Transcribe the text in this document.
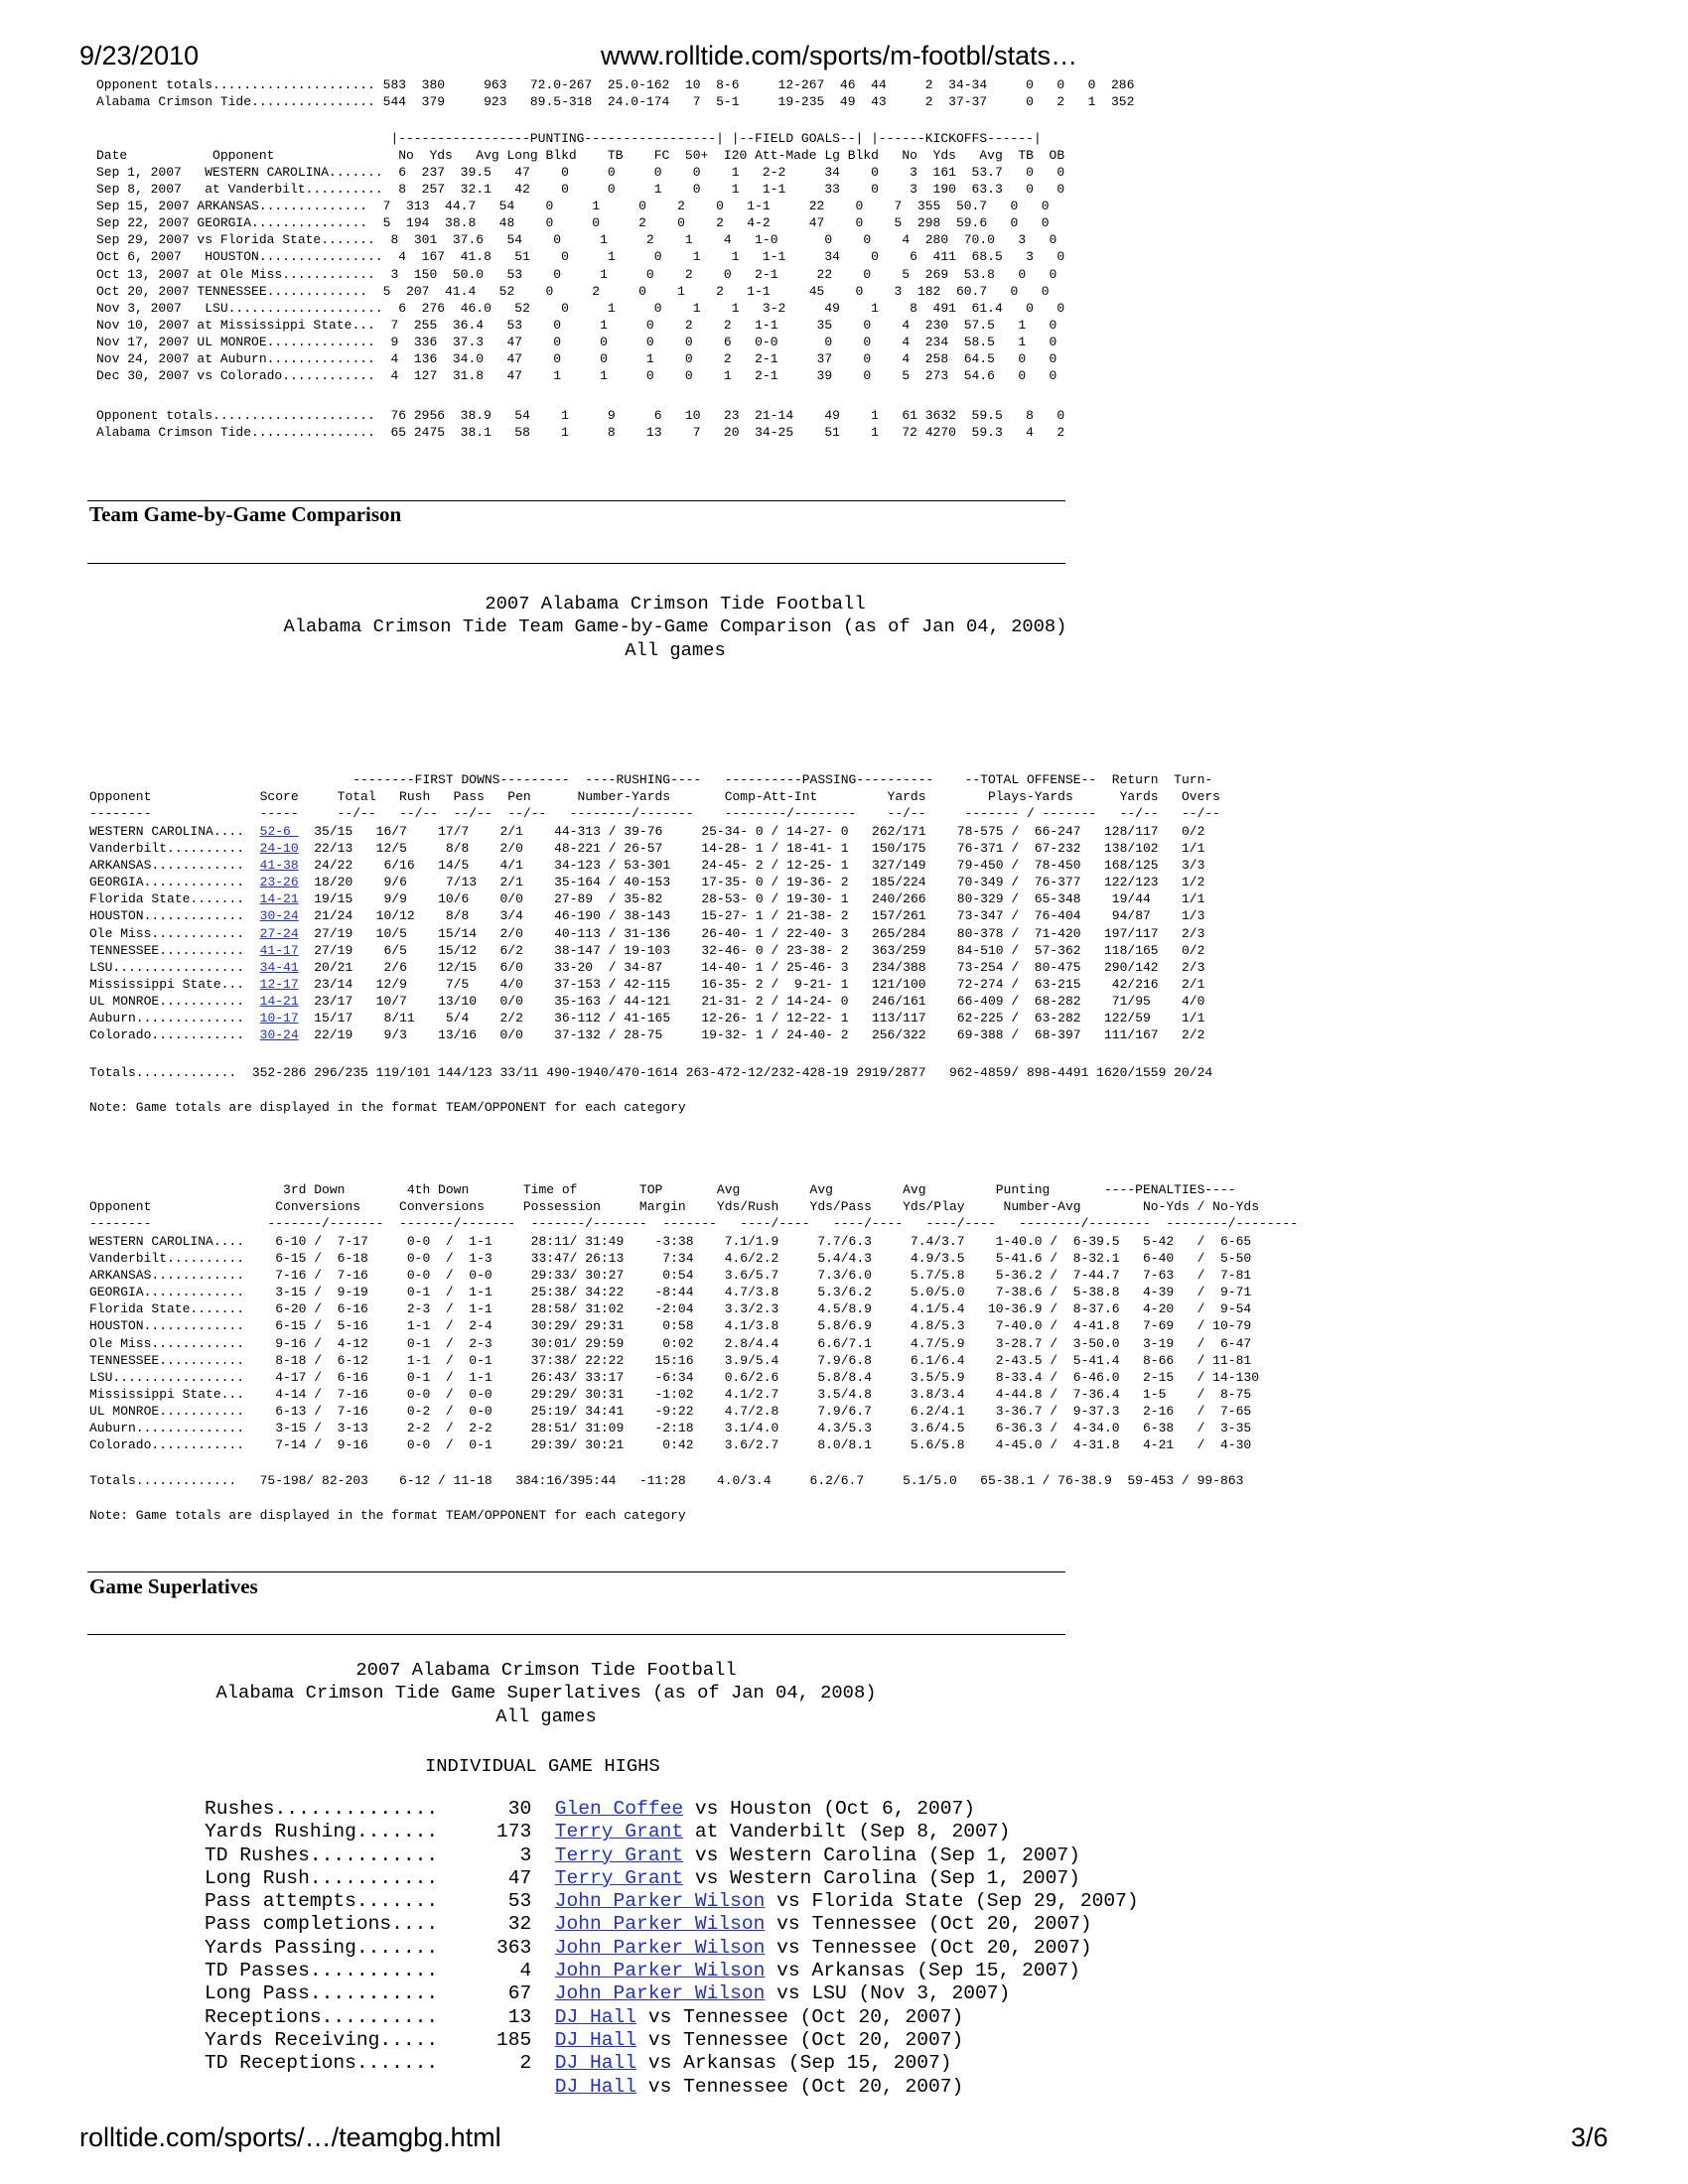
9/23/2010	www.rolltide.com/sports/m-footbl/stats…
Opponent totals..................... 583  380     963   72.0-267  25.0-162  10  8-6     12-267  46  44     2  34-34     0   0   0  286
Alabama Crimson Tide................ 544  379     923   89.5-318  24.0-174   7  5-1     19-235  49  43     2  37-37     0   2   1  352
|-----------------PUNTING-----------------| |--FIELD GOALS--| |------KICKOFFS------|
Date           Opponent                No  Yds   Avg Long Blkd    TB    FC  50+  I20 Att-Made Lg Blkd   No  Yds   Avg  TB  OB
Sep 1, 2007   WESTERN CAROLINA.......  6  237  39.5   47    0     0     0    0    1   2-2     34    0    3  161  53.7   0   0
Sep 8, 2007   at Vanderbilt..........  8  257  32.1   42    0     0     1    0    1   1-1     33    0    3  190  63.3   0   0
Sep 15, 2007 ARKANSAS..............  7  313  44.7   54    0     1     0    2    0   1-1     22    0    7  355  50.7   0   0
Sep 22, 2007 GEORGIA...............  5  194  38.8   48    0     0     2    0    2   4-2     47    0    5  298  59.6   0   0
Sep 29, 2007 vs Florida State.......  8  301  37.6   54    0     1     2    1    4   1-0      0    0    4  280  70.0   3   0
Oct 6, 2007   HOUSTON................  4  167  41.8   51    0     1     0    1    1   1-1     34    0    6  411  68.5   3   0
Oct 13, 2007 at Ole Miss............  3  150  50.0   53    0     1     0    2    0   2-1     22    0    5  269  53.8   0   0
Oct 20, 2007 TENNESSEE.............  5  207  41.4   52    0     2     0    1    2   1-1     45    0    3  182  60.7   0   0
Nov 3, 2007   LSU....................  6  276  46.0   52    0     1     0    1    1   3-2     49    1    8  491  61.4   0   0
Nov 10, 2007 at Mississippi State...  7  255  36.4   53    0     1     0    2    2   1-1     35    0    4  230  57.5   1   0
Nov 17, 2007 UL MONROE..............  9  336  37.3   47    0     0     0    0    6   0-0      0    0    4  234  58.5   1   0
Nov 24, 2007 at Auburn..............  4  136  34.0   47    0     0     1    0    2   2-1     37    0    4  258  64.5   0   0
Dec 30, 2007 vs Colorado............  4  127  31.8   47    1     1     0    0    1   2-1     39    0    5  273  54.6   0   0
Opponent totals.....................  76 2956  38.9   54    1     9     6   10   23  21-14    49    1   61 3632  59.5   8   0
Alabama Crimson Tide................  65 2475  38.1   58    1     8    13    7   20  34-25    51    1   72 4270  59.3   4   2
Team Game-by-Game Comparison
2007 Alabama Crimson Tide Football
Alabama Crimson Tide Team Game-by-Game Comparison (as of Jan 04, 2008)
All games
--------FIRST DOWNS---------  ----RUSHING----   ----------PASSING----------    --TOTAL OFFENSE--  Return  Turn-
Opponent              Score     Total   Rush   Pass   Pen      Number-Yards       Comp-Att-Int         Yards        Plays-Yards      Yards   Overs
--------              -----     --/--   --/--  --/--  --/--   --------/-------    --------/--------    --/--     ------- / -------   --/--   --/--
WESTERN CAROLINA....  52-6   35/15   16/7    17/7    2/1    44-313 / 39-76     25-34- 0 / 14-27- 0   262/171    78-575 /  66-247   128/117   0/2
Vanderbilt..........  24-10  22/13   12/5     8/8    2/0    48-221 / 26-57     14-28- 1 / 18-41- 1   150/175    76-371 /  67-232   138/102   1/1
ARKANSAS............  41-38  24/22    6/16   14/5    4/1    34-123 / 53-301    24-45- 2 / 12-25- 1   327/149    79-450 /  78-450   168/125   3/3
GEORGIA.............  23-26  18/20    9/6     7/13   2/1    35-164 / 40-153    17-35- 0 / 19-36- 2   185/224    70-349 /  76-377   122/123   1/2
Florida State.......  14-21  19/15    9/9    10/6    0/0    27-89  / 35-82     28-53- 0 / 19-30- 1   240/266    80-329 /  65-348    19/44    1/1
HOUSTON.............  30-24  21/24   10/12    8/8    3/4    46-190 / 38-143    15-27- 1 / 21-38- 2   157/261    73-347 /  76-404    94/87    1/3
Ole Miss............  27-24  27/19   10/5    15/14   2/0    40-113 / 31-136    26-40- 1 / 22-40- 3   265/284    80-378 /  71-420   197/117   2/3
TENNESSEE...........  41-17  27/19    6/5    15/12   6/2    38-147 / 19-103    32-46- 0 / 23-38- 2   363/259    84-510 /  57-362   118/165   0/2
LSU.................  34-41  20/21    2/6    12/15   6/0    33-20  / 34-87     14-40- 1 / 25-46- 3   234/388    73-254 /  80-475   290/142   2/3
Mississippi State...  12-17  23/14   12/9     7/5    4/0    37-153 / 42-115    16-35- 2 /  9-21- 1   121/100    72-274 /  63-215    42/216   2/1
UL MONROE...........  14-21  23/17   10/7    13/10   0/0    35-163 / 44-121    21-31- 2 / 14-24- 0   246/161    66-409 /  68-282    71/95    4/0
Auburn..............  10-17  15/17    8/11    5/4    2/2    36-112 / 41-165    12-26- 1 / 12-22- 1   113/117    62-225 /  63-282   122/59    1/1
Colorado............  30-24  22/19    9/3    13/16   0/0    37-132 / 28-75     19-32- 1 / 24-40- 2   256/322    69-388 /  68-397   111/167   2/2
Totals.............  352-286 296/235 119/101 144/123 33/11 490-1940/470-1614 263-472-12/232-428-19 2919/2877   962-4859/ 898-4491 1620/1559 20/24
Note: Game totals are displayed in the format TEAM/OPPONENT for each category
3rd Down        4th Down       Time of        TOP       Avg         Avg         Avg         Punting       ----PENALTIES----
Opponent                Conversions     Conversions     Possession     Margin    Yds/Rush    Yds/Pass    Yds/Play     Number-Avg        No-Yds / No-Yds
--------               -------/-------  -------/-------  -------/-------  -------   ----/----   ----/----   ----/----   --------/--------  --------/--------
WESTERN CAROLINA....    6-10 /  7-17     0-0  /  1-1     28:11/ 31:49    -3:38    7.1/1.9     7.7/6.3     7.4/3.7    1-40.0 /  6-39.5   5-42   /  6-65
Vanderbilt..........    6-15 /  6-18     0-0  /  1-3     33:47/ 26:13     7:34    4.6/2.2     5.4/4.3     4.9/3.5    5-41.6 /  8-32.1   6-40   /  5-50
ARKANSAS............    7-16 /  7-16     0-0  /  0-0     29:33/ 30:27     0:54    3.6/5.7     7.3/6.0     5.7/5.8    5-36.2 /  7-44.7   7-63   /  7-81
GEORGIA.............    3-15 /  9-19     0-1  /  1-1     25:38/ 34:22    -8:44    4.7/3.8     5.3/6.2     5.0/5.0    7-38.6 /  5-38.8   4-39   /  9-71
Florida State.......    6-20 /  6-16     2-3  /  1-1     28:58/ 31:02    -2:04    3.3/2.3     4.5/8.9     4.1/5.4   10-36.9 /  8-37.6   4-20   /  9-54
HOUSTON.............    6-15 /  5-16     1-1  /  2-4     30:29/ 29:31     0:58    4.1/3.8     5.8/6.9     4.8/5.3    7-40.0 /  4-41.8   7-69   / 10-79
Ole Miss............    9-16 /  4-12     0-1  /  2-3     30:01/ 29:59     0:02    2.8/4.4     6.6/7.1     4.7/5.9    3-28.7 /  3-50.0   3-19   /  6-47
TENNESSEE...........    8-18 /  6-12     1-1  /  0-1     37:38/ 22:22    15:16    3.9/5.4     7.9/6.8     6.1/6.4    2-43.5 /  5-41.4   8-66   / 11-81
LSU.................    4-17 /  6-16     0-1  /  1-1     26:43/ 33:17    -6:34    0.6/2.6     5.8/8.4     3.5/5.9    8-33.4 /  6-46.0   2-15   / 14-130
Mississippi State...    4-14 /  7-16     0-0  /  0-0     29:29/ 30:31    -1:02    4.1/2.7     3.5/4.8     3.8/3.4    4-44.8 /  7-36.4   1-5    /  8-75
UL MONROE...........    6-13 /  7-16     0-2  /  0-0     25:19/ 34:41    -9:22    4.7/2.8     7.9/6.7     6.2/4.1    3-36.7 /  9-37.3   2-16   /  7-65
Auburn..............    3-15 /  3-13     2-2  /  2-2     28:51/ 31:09    -2:18    3.1/4.0     4.3/5.3     3.6/4.5    6-36.3 /  4-34.0   6-38   /  3-35
Colorado............    7-14 /  9-16     0-0  /  0-1     29:39/ 30:21     0:42    3.6/2.7     8.0/8.1     5.6/5.8    4-45.0 /  4-31.8   4-21   /  4-30
Totals.............   75-198/ 82-203    6-12 / 11-18   384:16/395:44   -11:28    4.0/3.4     6.2/6.7     5.1/5.0   65-38.1 / 76-38.9  59-453 / 99-863
Note: Game totals are displayed in the format TEAM/OPPONENT for each category
Game Superlatives
2007 Alabama Crimson Tide Football
Alabama Crimson Tide Game Superlatives (as of Jan 04, 2008)
All games
INDIVIDUAL GAME HIGHS
Rushes..............      30  Glen Coffee vs Houston (Oct 6, 2007)
Yards Rushing.......     173  Terry Grant at Vanderbilt (Sep 8, 2007)
TD Rushes...........       3  Terry Grant vs Western Carolina (Sep 1, 2007)
Long Rush...........      47  Terry Grant vs Western Carolina (Sep 1, 2007)
Pass attempts.......      53  John Parker Wilson vs Florida State (Sep 29, 2007)
Pass completions....      32  John Parker Wilson vs Tennessee (Oct 20, 2007)
Yards Passing.......     363  John Parker Wilson vs Tennessee (Oct 20, 2007)
TD Passes...........       4  John Parker Wilson vs Arkansas (Sep 15, 2007)
Long Pass...........      67  John Parker Wilson vs LSU (Nov 3, 2007)
Receptions..........      13  DJ Hall vs Tennessee (Oct 20, 2007)
Yards Receiving.....     185  DJ Hall vs Tennessee (Oct 20, 2007)
TD Receptions.......       2  DJ Hall vs Arkansas (Sep 15, 2007)
DJ Hall vs Tennessee (Oct 20, 2007)
rolltide.com/sports/…/teamgbg.html	3/6
